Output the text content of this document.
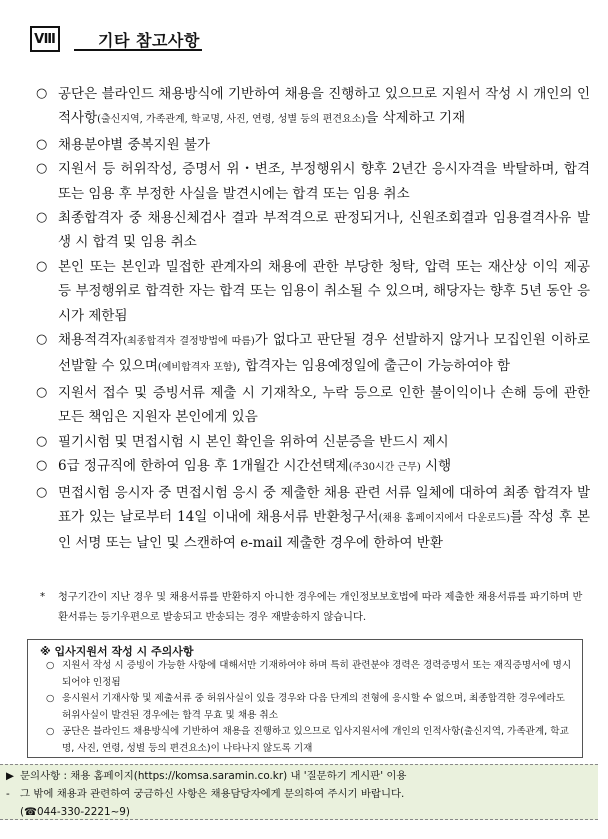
Ⅷ	기타 참고사항
○ 공단은 블라인드 채용방식에 기반하여 채용을 진행하고 있으므로 지원서 작성 시 개인의 인적사항(출신지역, 가족관계, 학교명, 사진, 연령, 성별 등의 편견요소)을 삭제하고 기재
○ 채용분야별 중복지원 불가
○ 지원서 등 허위작성, 증명서 위・변조, 부정행위시 향후 2년간 응시자격을 박탈하며, 합격 또는 임용 후 부정한 사실을 발견시에는 합격 또는 임용 취소
○ 최종합격자 중 채용신체검사 결과 부적격으로 판정되거나, 신원조회결과 임용결격사유 발생 시 합격 및 임용 취소
○ 본인 또는 본인과 밀접한 관계자의 채용에 관한 부당한 청탁, 압력 또는 재산상 이익 제공 등 부정행위로 합격한 자는 합격 또는 임용이 취소될 수 있으며, 해당자는 향후 5년 동안 응시가 제한됨
○ 채용적격자(최종합격자 결정방법에 따름)가 없다고 판단될 경우 선발하지 않거나 모집인원 이하로 선발할 수 있으며(예비합격자 포함), 합격자는 임용예정일에 출근이 가능하여야 함
○ 지원서 접수 및 증빙서류 제출 시 기재착오, 누락 등으로 인한 불이익이나 손해 등에 관한 모든 책임은 지원자 본인에게 있음
○ 필기시험 및 면접시험 시 본인 확인을 위하여 신분증을 반드시 제시
○ 6급 정규직에 한하여 임용 후 1개월간 시간선택제(주30시간 근무) 시행
○ 면접시험 응시자 중 면접시험 응시 중 제출한 채용 관련 서류 일체에 대하여 최종 합격자 발표가 있는 날로부터 14일 이내에 채용서류 반환청구서(채용 홈페이지에서 다운로드)를 작성 후 본인 서명 또는 날인 및 스캔하여 e-mail 제출한 경우에 한하여 반환
* 청구기간이 지난 경우 및 채용서류를 반환하지 아니한 경우에는 개인정보보호법에 따라 제출한 채용서류를 파기하며 반환서류는 등기우편으로 발송되고 반송되는 경우 재발송하지 않습니다.
※ 입사지원서 작성 시 주의사항
○ 지원서 작성 시 증빙이 가능한 사항에 대해서만 기재하여야 하며 특히 관련분야 경력은 경력증명서 또는 재직증명서에 명시되어야 인정됨
○ 응시원서 기재사항 및 제출서류 중 허위사실이 있을 경우와 다음 단계의 전형에 응시할 수 없으며, 최종합격한 경우에라도 허위사실이 발견된 경우에는 합격 무효 및 채용 취소
○ 공단은 블라인드 채용방식에 기반하여 채용을 진행하고 있으므로 입사지원서에 개인의 인적사항(출신지역, 가족관계, 학교명, 사진, 연령, 성별 등의 편견요소)이 나타나지 않도록 기재
▶ 문의사항 : 채용 홈페이지(https://komsa.saramin.co.kr) 내 '질문하기 게시판' 이용
- 그 밖에 채용과 관련하여 궁금하신 사항은 채용담당자에게 문의하여 주시기 바랍니다.
(☎044-330-2221∼9)
